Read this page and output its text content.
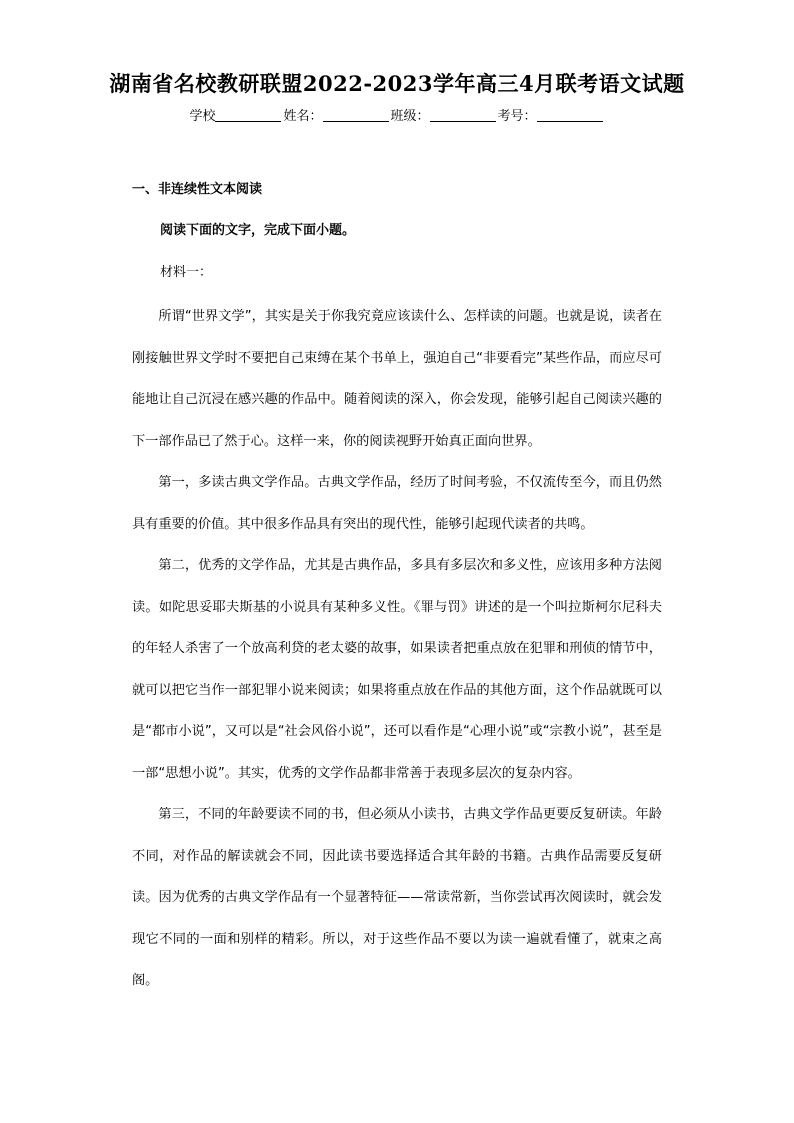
湖南省名校教研联盟2022-2023学年高三4月联考语文试题
学校	姓名：	班级：	考号：
一、非连续性文本阅读
阅读下面的文字，完成下面小题。
材料一：

所谓“世界文学”，其实是关于你我究竟应该读什么、怎样读的问题。也就是说，读者在刚接触世界文学时不要把自己束缚在某个书单上，强迫自己“非要看完”某些作品，而应尽可能地让自己沉浸在感兴趣的作品中。随着阅读的深入，你会发现，能够引起自己阅读兴趣的下一部作品已了然于心。这样一来，你的阅读视野开始真正面向世界。

第一，多读古典文学作品。古典文学作品，经历了时间考验，不仅流传至今，而且仍然具有重要的价值。其中很多作品具有突出的现代性，能够引起现代读者的共鸣。

第二，优秀的文学作品，尤其是古典作品，多具有多层次和多义性，应该用多种方法阅读。如陀思妥耶夫斯基的小说具有某种多义性。《罪与罚》讲述的是一个叫拉斯柯尔尼科夫的年轻人杀害了一个放高利贷的老太婆的故事，如果读者把重点放在犯罪和刑侦的情节中，就可以把它当作一部犯罪小说来阅读；如果将重点放在作品的其他方面，这个作品就既可以是“都市小说”，又可以是“社会风俗小说”，还可以看作是“心理小说”或“宗教小说”，甚至是一部“思想小说”。其实，优秀的文学作品都非常善于表现多层次的复杂内容。

第三，不同的年龄要读不同的书，但必须从小读书，古典文学作品更要反复研读。年龄不同，对作品的解读就会不同，因此读书要选择适合其年龄的书籍。古典作品需要反复研读。因为优秀的古典文学作品有一个显著特征——常读常新，当你尝试再次阅读时，就会发现它不同的一面和别样的精彩。所以，对于这些作品不要以为读一遍就看懂了，就束之高阁。
